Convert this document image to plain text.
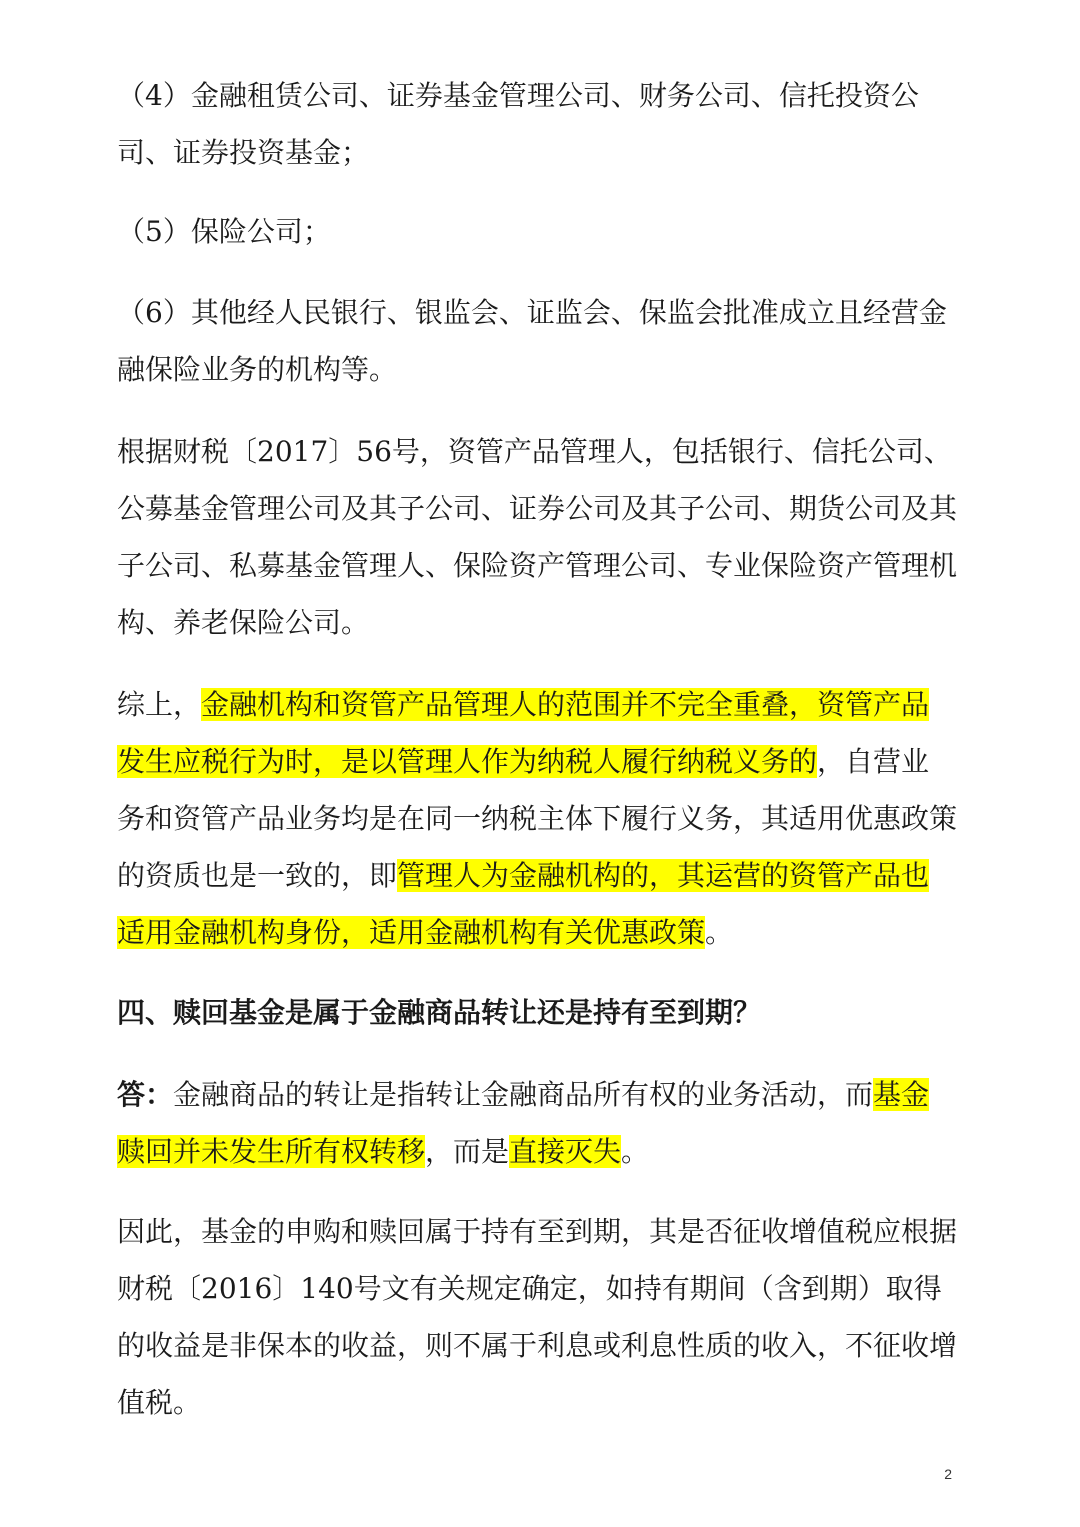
（4）金融租赁公司、证券基金管理公司、财务公司、信托投资公司、证券投资基金；

（5）保险公司；

（6）其他经人民银行、银监会、证监会、保监会批准成立且经营金融保险业务的机构等。

根据财税〔2017〕56号，资管产品管理人，包括银行、信托公司、公募基金管理公司及其子公司、证券公司及其子公司、期货公司及其子公司、私募基金管理人、保险资产管理公司、专业保险资产管理机构、养老保险公司。

综上，金融机构和资管产品管理人的范围并不完全重叠，资管产品发生应税行为时，是以管理人作为纳税人履行纳税义务的，自营业务和资管产品业务均是在同一纳税主体下履行义务，其适用优惠政策的资质也是一致的，即管理人为金融机构的，其运营的资管产品也适用金融机构身份，适用金融机构有关优惠政策。

四、赎回基金是属于金融商品转让还是持有至到期？

答：金融商品的转让是指转让金融商品所有权的业务活动，而基金赎回并未发生所有权转移，而是直接灭失。

因此，基金的申购和赎回属于持有至到期，其是否征收增值税应根据财税〔2016〕140号文有关规定确定，如持有期间（含到期）取得的收益是非保本的收益，则不属于利息或利息性质的收入，不征收增值税。

2
